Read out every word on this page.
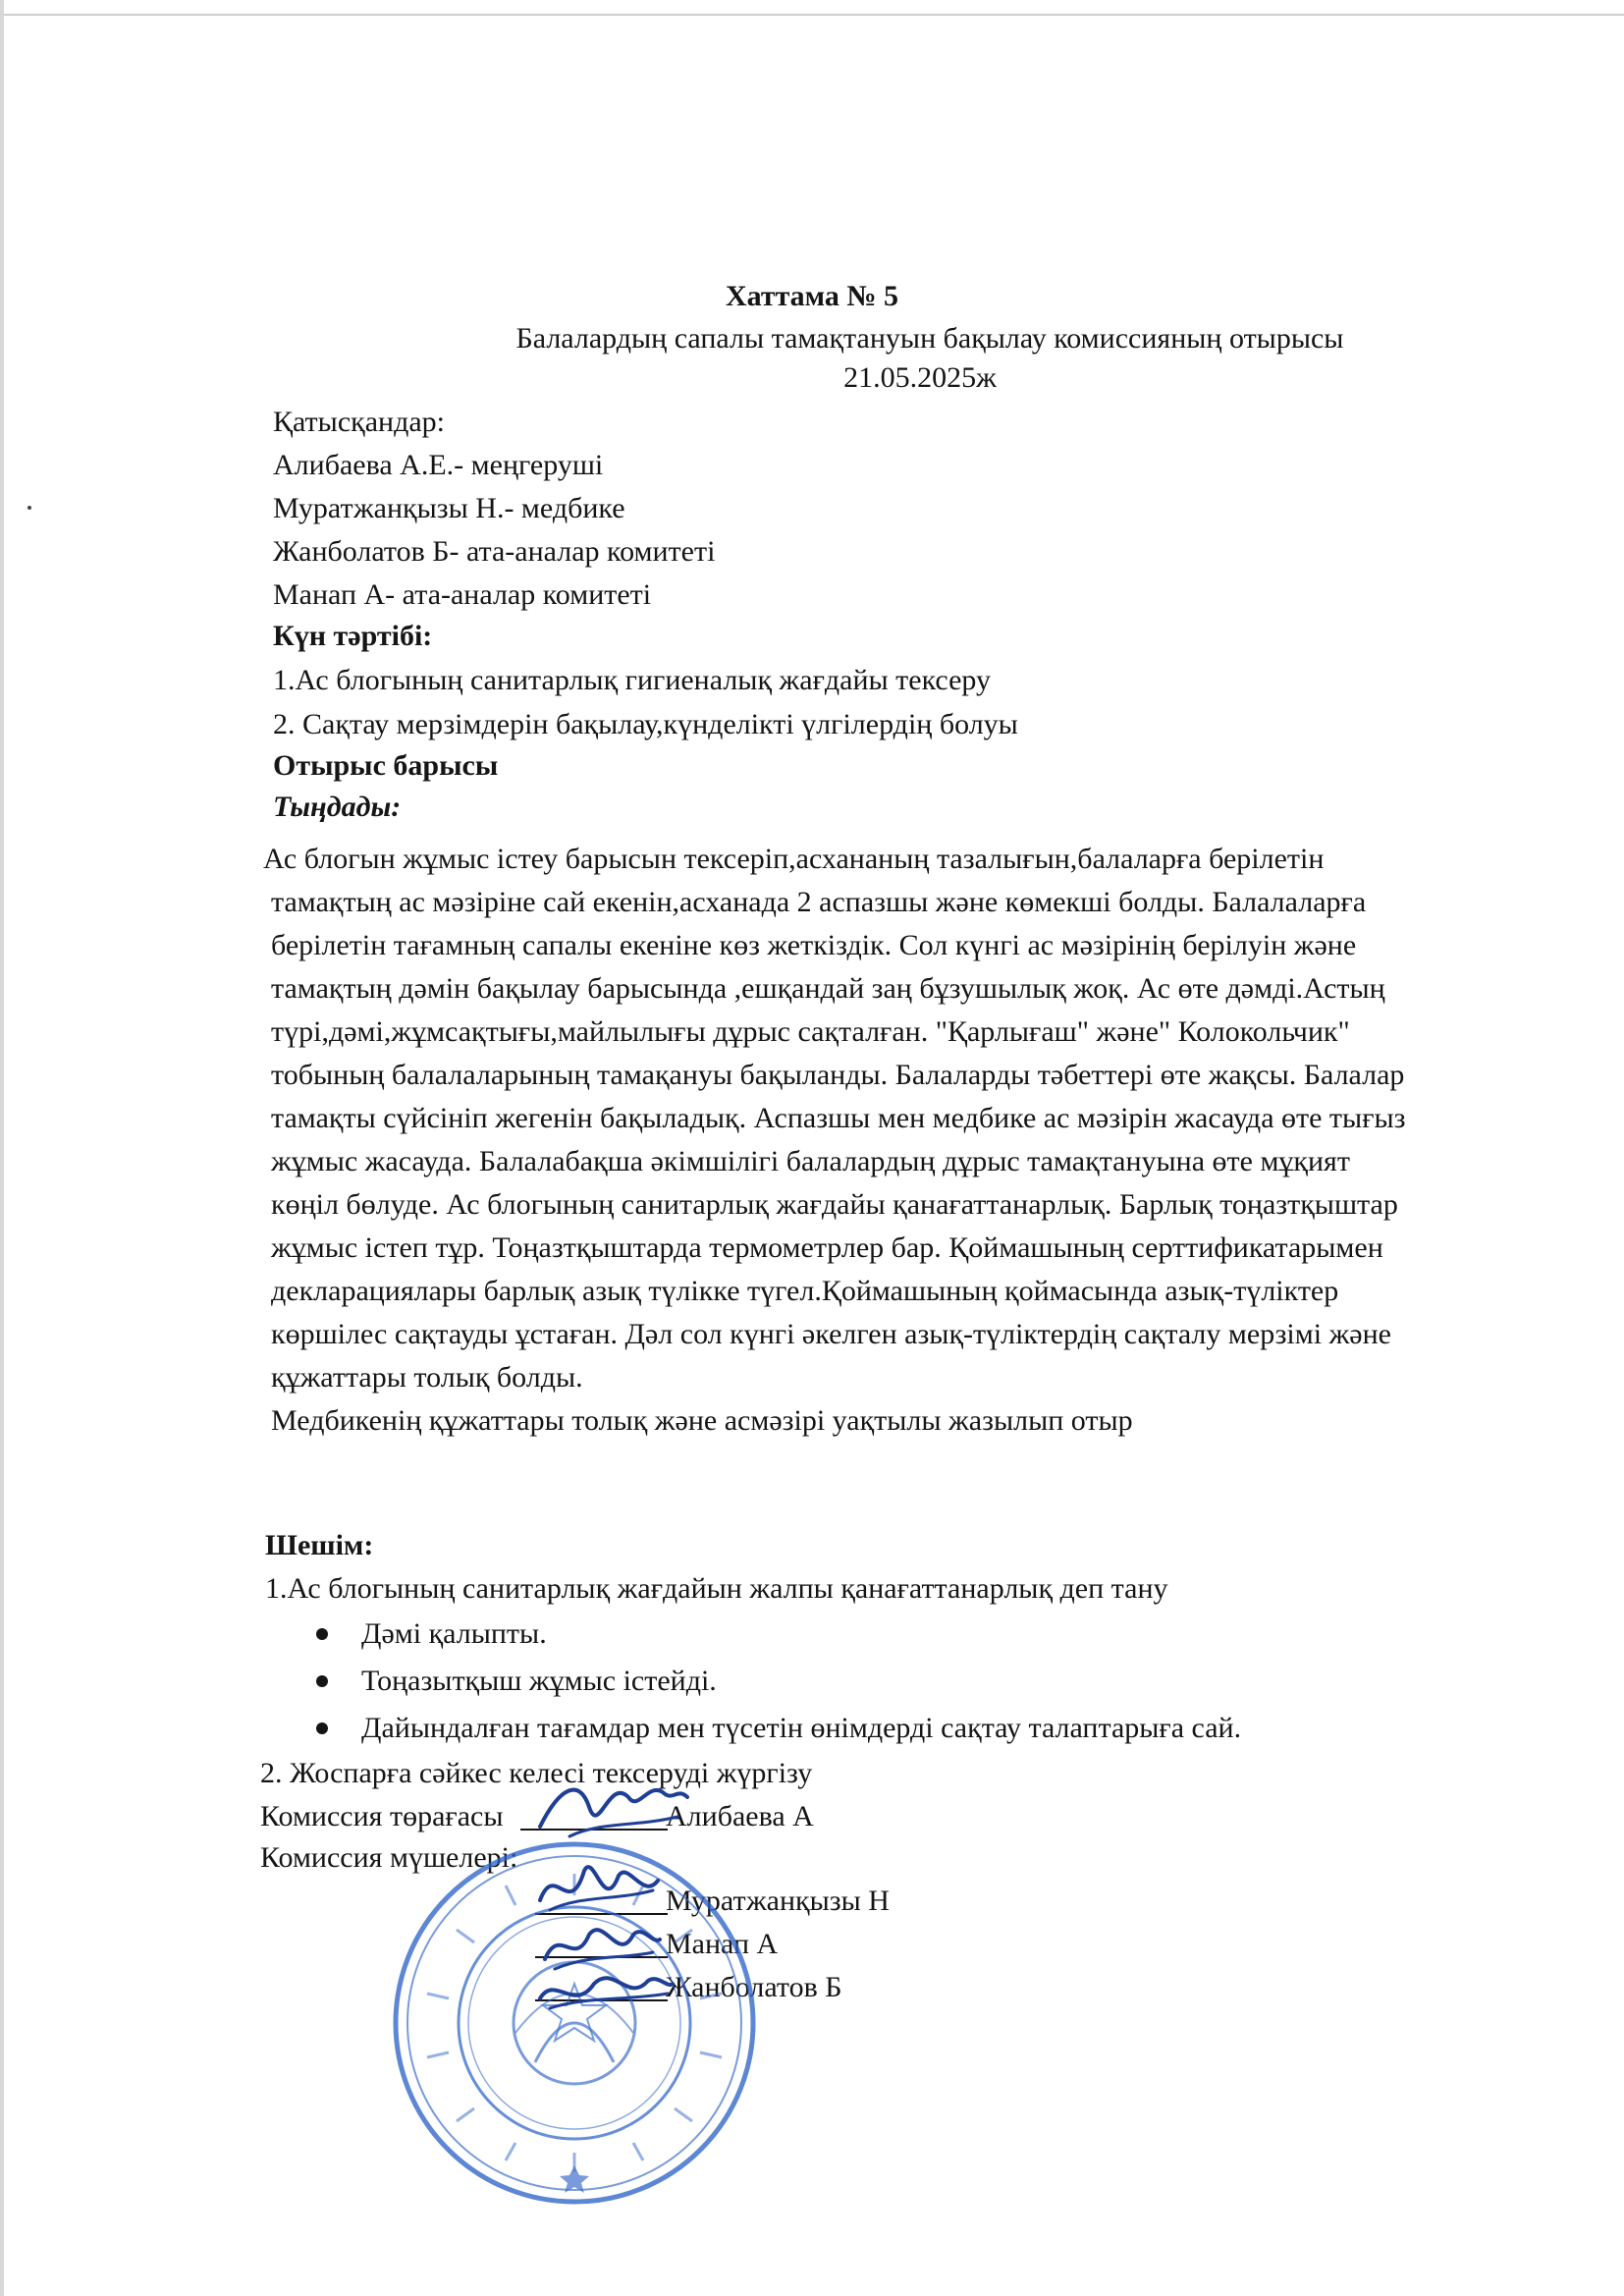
Хаттама № 5
Балалардың сапалы тамақтануын бақылау комиссияның отырысы
21.05.2025ж
Қатысқандар:
Алибаева А.Е.- меңгеруші
Муратжанқызы Н.- медбике
Жанболатов Б- ата-аналар комитеті
Манап А- ата-аналар комитеті
Күн тәртібі:
1.Ас блогының санитарлық гигиеналық жағдайы тексеру
2. Сақтау мерзімдерін бақылау,күнделікті үлгілердің болуы
Отырыс барысы
Тыңдады:
Ас блогын жұмыс істеу барысын тексеріп,асхананың тазалығын,балаларға берілетін
тамақтың ас мәзіріне сай екенін,асханада 2 аспазшы және көмекші болды. Балалаларға
берілетін тағамның сапалы екеніне көз жеткіздік. Сол күнгі ас мәзірінің берілуін және
тамақтың дәмін бақылау барысында ,ешқандай заң бұзушылық жоқ. Ас өте дәмді.Астың
түрі,дәмі,жұмсақтығы,майлылығы дұрыс сақталған. "Қарлығаш" және" Колокольчик"
тобының балалаларының тамақануы бақыланды. Балаларды тәбеттері өте жақсы. Балалар
тамақты сүйсініп жегенін бақыладық. Аспазшы мен медбике ас мәзірін жасауда өте тығыз
жұмыс жасауда. Балалабақша әкімшілігі балалардың дұрыс тамақтануына өте мұқият
көңіл бөлуде. Ас блогының санитарлық жағдайы қанағаттанарлық. Барлық тоңазтқыштар
жұмыс істеп тұр. Тоңазтқыштарда термометрлер бар. Қоймашының серттификатарымен
декларациялары барлық азық түлікке түгел.Қоймашының қоймасында азық-түліктер
көршілес сақтауды ұстаған. Дәл сол күнгі әкелген азық-түліктердің сақталу мерзімі және
құжаттары толық болды.
Медбикенің құжаттары толық және асмәзірі уақтылы жазылып отыр
Шешім:
1.Ас блогының санитарлық жағдайын жалпы қанағаттанарлық деп тану
Дәмі қалыпты.
Тоңазытқыш жұмыс істейді.
Дайындалған тағамдар мен түсетін өнімдерді сақтау талаптарыға сай.
2. Жоспарға сәйкес келесі тексеруді жүргізу
Комиссия төрағасы	Алибаева А
Комиссия мүшелері:
Муратжанқызы Н
Манап А
Жанболатов Б
